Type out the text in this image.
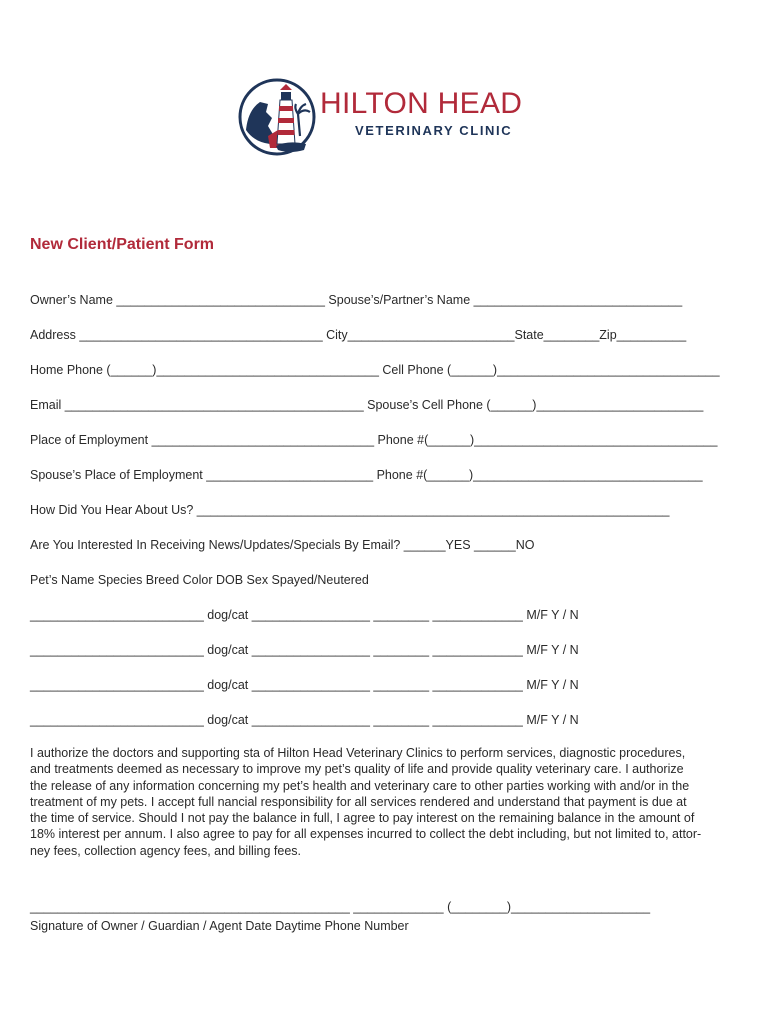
HILTON HEAD
VETERINARY CLINIC
New Client/Patient Form
Owner’s Name ______________________________ Spouse’s/Partner’s Name ______________________________
Address ___________________________________ City________________________State________Zip__________
Home Phone (______)________________________________ Cell Phone (______)________________________________
Email ___________________________________________ Spouse’s Cell Phone (______)________________________
Place of Employment ________________________________ Phone #(______)___________________________________
Spouse’s Place of Employment ________________________ Phone #(______)_________________________________
How Did You Hear About Us? ____________________________________________________________________
Are You Interested In Receiving News/Updates/Specials By Email? ______YES ______NO
Pet’s Name Species Breed Color DOB Sex Spayed/Neutered
_________________________ dog/cat _________________ ________ _____________ M/F Y / N
_________________________ dog/cat _________________ ________ _____________ M/F Y / N
_________________________ dog/cat _________________ ________ _____________ M/F Y / N
_________________________ dog/cat _________________ ________ _____________ M/F Y / N
I authorize the doctors and supporting sta of Hilton Head Veterinary Clinics to perform services, diagnostic procedures,
and treatments deemed as necessary to improve my pet’s quality of life and provide quality veterinary care. I authorize
the release of any information concerning my pet’s health and veterinary care to other parties working with and/or in the
treatment of my pets. I accept full nancial responsibility for all services rendered and understand that payment is due at
the time of service. Should I not pay the balance in full, I agree to pay interest on the remaining balance in the amount of
18% interest per annum. I also agree to pay for all expenses incurred to collect the debt including, but not limited to, attor-
ney fees, collection agency fees, and billing fees.
______________________________________________ _____________ (________)____________________
Signature of Owner / Guardian / Agent Date Daytime Phone Number
